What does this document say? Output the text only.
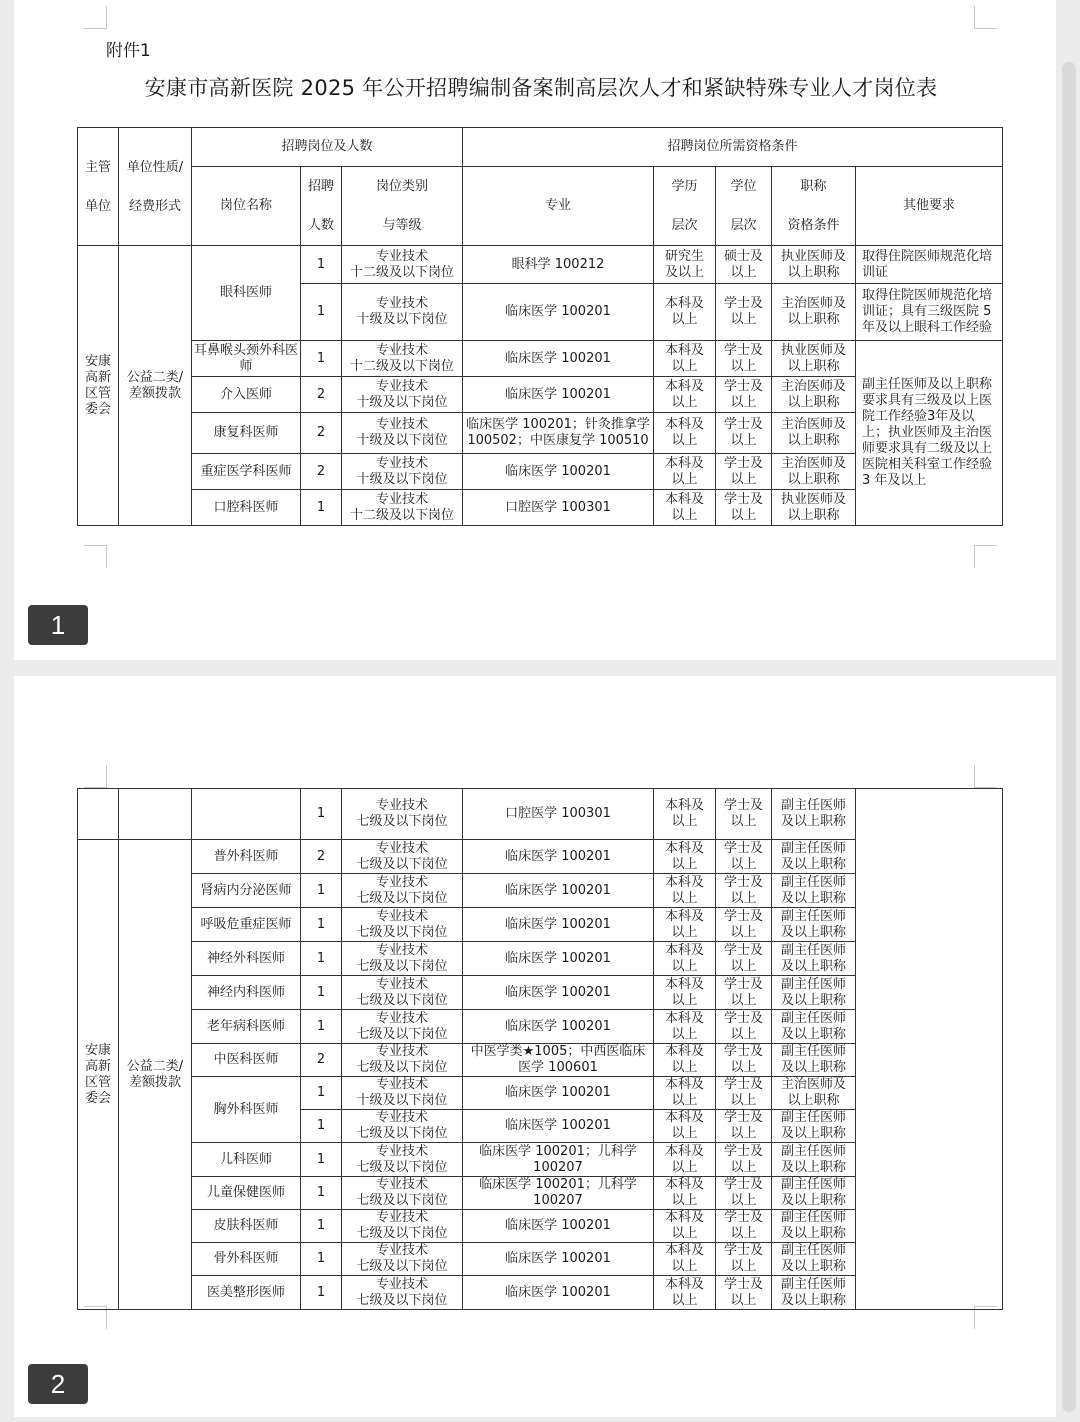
附件1
安康市高新医院 2025 年公开招聘编制备案制高层次人才和紧缺特殊专业人才岗位表
主管
单位	单位性质/
经费形式	招聘岗位及人数			招聘岗位所需资格条件				
		岗位名称	招聘
人数	岗位类别
与等级	专业	学历
层次	学位
层次	职称
资格条件	其他要求
安康
高新
区管
委会	公益二类/
差额拨款	眼科医师	1	专业技术
十二级及以下岗位	眼科学 100212	研究生
及以上	硕士及
以上	执业医师及
以上职称	取得住院医师规范化培训证
			1	专业技术
十级及以下岗位	临床医学 100201	本科及
以上	学士及
以上	主治医师及
以上职称	取得住院医师规范化培训证；具有三级医院 5 年及以上眼科工作经验
		耳鼻喉头颈外科医师	1	专业技术
十二级及以下岗位	临床医学 100201	本科及
以上	学士及
以上	执业医师及
以上职称	副主任医师及以上职称要求具有三级及以上医院工作经验3年及以上；执业医师及主治医师要求具有二级及以上医院相关科室工作经验 3 年及以上
		介入医师	2	专业技术
十级及以下岗位	临床医学 100201	本科及
以上	学士及
以上	主治医师及
以上职称	
		康复科医师	2	专业技术
十级及以下岗位	临床医学 100201；针灸推拿学 100502；中医康复学 100510	本科及
以上	学士及
以上	主治医师及
以上职称	
		重症医学科医师	2	专业技术
十级及以下岗位	临床医学 100201	本科及
以上	学士及
以上	主治医师及
以上职称	
		口腔科医师	1	专业技术
十二级及以下岗位	口腔医学 100301	本科及
以上	学士及
以上	执业医师及
以上职称	
1
			1	专业技术
七级及以下岗位	口腔医学 100301	本科及
以上	学士及
以上	副主任医师
及以上职称	
安康
高新
区管
委会	公益二类/
差额拨款	普外科医师	2	专业技术
七级及以下岗位	临床医学 100201	本科及
以上	学士及
以上	副主任医师
及以上职称	
		肾病内分泌医师	1	专业技术
七级及以下岗位	临床医学 100201	本科及
以上	学士及
以上	副主任医师
及以上职称	
		呼吸危重症医师	1	专业技术
七级及以下岗位	临床医学 100201	本科及
以上	学士及
以上	副主任医师
及以上职称	
		神经外科医师	1	专业技术
七级及以下岗位	临床医学 100201	本科及
以上	学士及
以上	副主任医师
及以上职称	
		神经内科医师	1	专业技术
七级及以下岗位	临床医学 100201	本科及
以上	学士及
以上	副主任医师
及以上职称	
		老年病科医师	1	专业技术
七级及以下岗位	临床医学 100201	本科及
以上	学士及
以上	副主任医师
及以上职称	
		中医科医师	2	专业技术
七级及以下岗位	中医学类★1005；中西医临床医学 100601	本科及
以上	学士及
以上	副主任医师
及以上职称	
		胸外科医师	1	专业技术
十级及以下岗位	临床医学 100201	本科及
以上	学士及
以上	主治医师及
以上职称	
			1	专业技术
七级及以下岗位	临床医学 100201	本科及
以上	学士及
以上	副主任医师
及以上职称	
		儿科医师	1	专业技术
七级及以下岗位	临床医学 100201；儿科学 100207	本科及
以上	学士及
以上	副主任医师
及以上职称	
		儿童保健医师	1	专业技术
七级及以下岗位	临床医学 100201；儿科学 100207	本科及
以上	学士及
以上	副主任医师
及以上职称	
		皮肤科医师	1	专业技术
七级及以下岗位	临床医学 100201	本科及
以上	学士及
以上	副主任医师
及以上职称	
		骨外科医师	1	专业技术
七级及以下岗位	临床医学 100201	本科及
以上	学士及
以上	副主任医师
及以上职称	
		医美整形医师	1	专业技术
七级及以下岗位	临床医学 100201	本科及
以上	学士及
以上	副主任医师
及以上职称	
2
